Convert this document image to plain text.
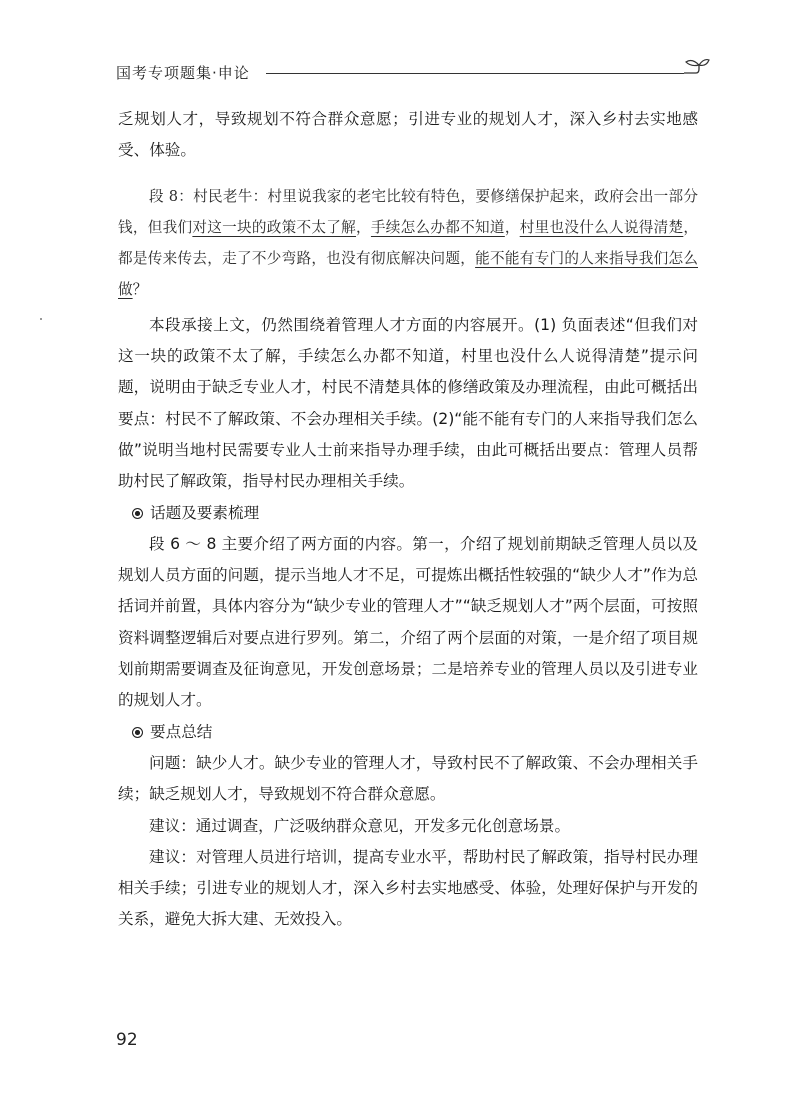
国考专项题集·申论

乏规划人才，导致规划不符合群众意愿；引进专业的规划人才，深入乡村去实地感受、体验。

段 8：村民老牛：村里说我家的老宅比较有特色，要修缮保护起来，政府会出一部分钱，但我们对这一块的政策不太了解，手续怎么办都不知道，村里也没什么人说得清楚，都是传来传去，走了不少弯路，也没有彻底解决问题，能不能有专门的人来指导我们怎么做？

本段承接上文，仍然围绕着管理人才方面的内容展开。(1) 负面表述“但我们对这一块的政策不太了解，手续怎么办都不知道，村里也没什么人说得清楚”提示问题，说明由于缺乏专业人才，村民不清楚具体的修缮政策及办理流程，由此可概括出要点：村民不了解政策、不会办理相关手续。(2)“能不能有专门的人来指导我们怎么做”说明当地村民需要专业人士前来指导办理手续，由此可概括出要点：管理人员帮助村民了解政策，指导村民办理相关手续。

话题及要素梳理

段 6 ～ 8 主要介绍了两方面的内容。第一，介绍了规划前期缺乏管理人员以及规划人员方面的问题，提示当地人才不足，可提炼出概括性较强的“缺少人才”作为总括词并前置，具体内容分为“缺少专业的管理人才”“缺乏规划人才”两个层面，可按照资料调整逻辑后对要点进行罗列。第二，介绍了两个层面的对策，一是介绍了项目规划前期需要调查及征询意见，开发创意场景；二是培养专业的管理人员以及引进专业的规划人才。

要点总结

问题：缺少人才。缺少专业的管理人才，导致村民不了解政策、不会办理相关手续；缺乏规划人才，导致规划不符合群众意愿。

建议：通过调查，广泛吸纳群众意见，开发多元化创意场景。

建议：对管理人员进行培训，提高专业水平，帮助村民了解政策，指导村民办理相关手续；引进专业的规划人才，深入乡村去实地感受、体验，处理好保护与开发的关系，避免大拆大建、无效投入。

92
